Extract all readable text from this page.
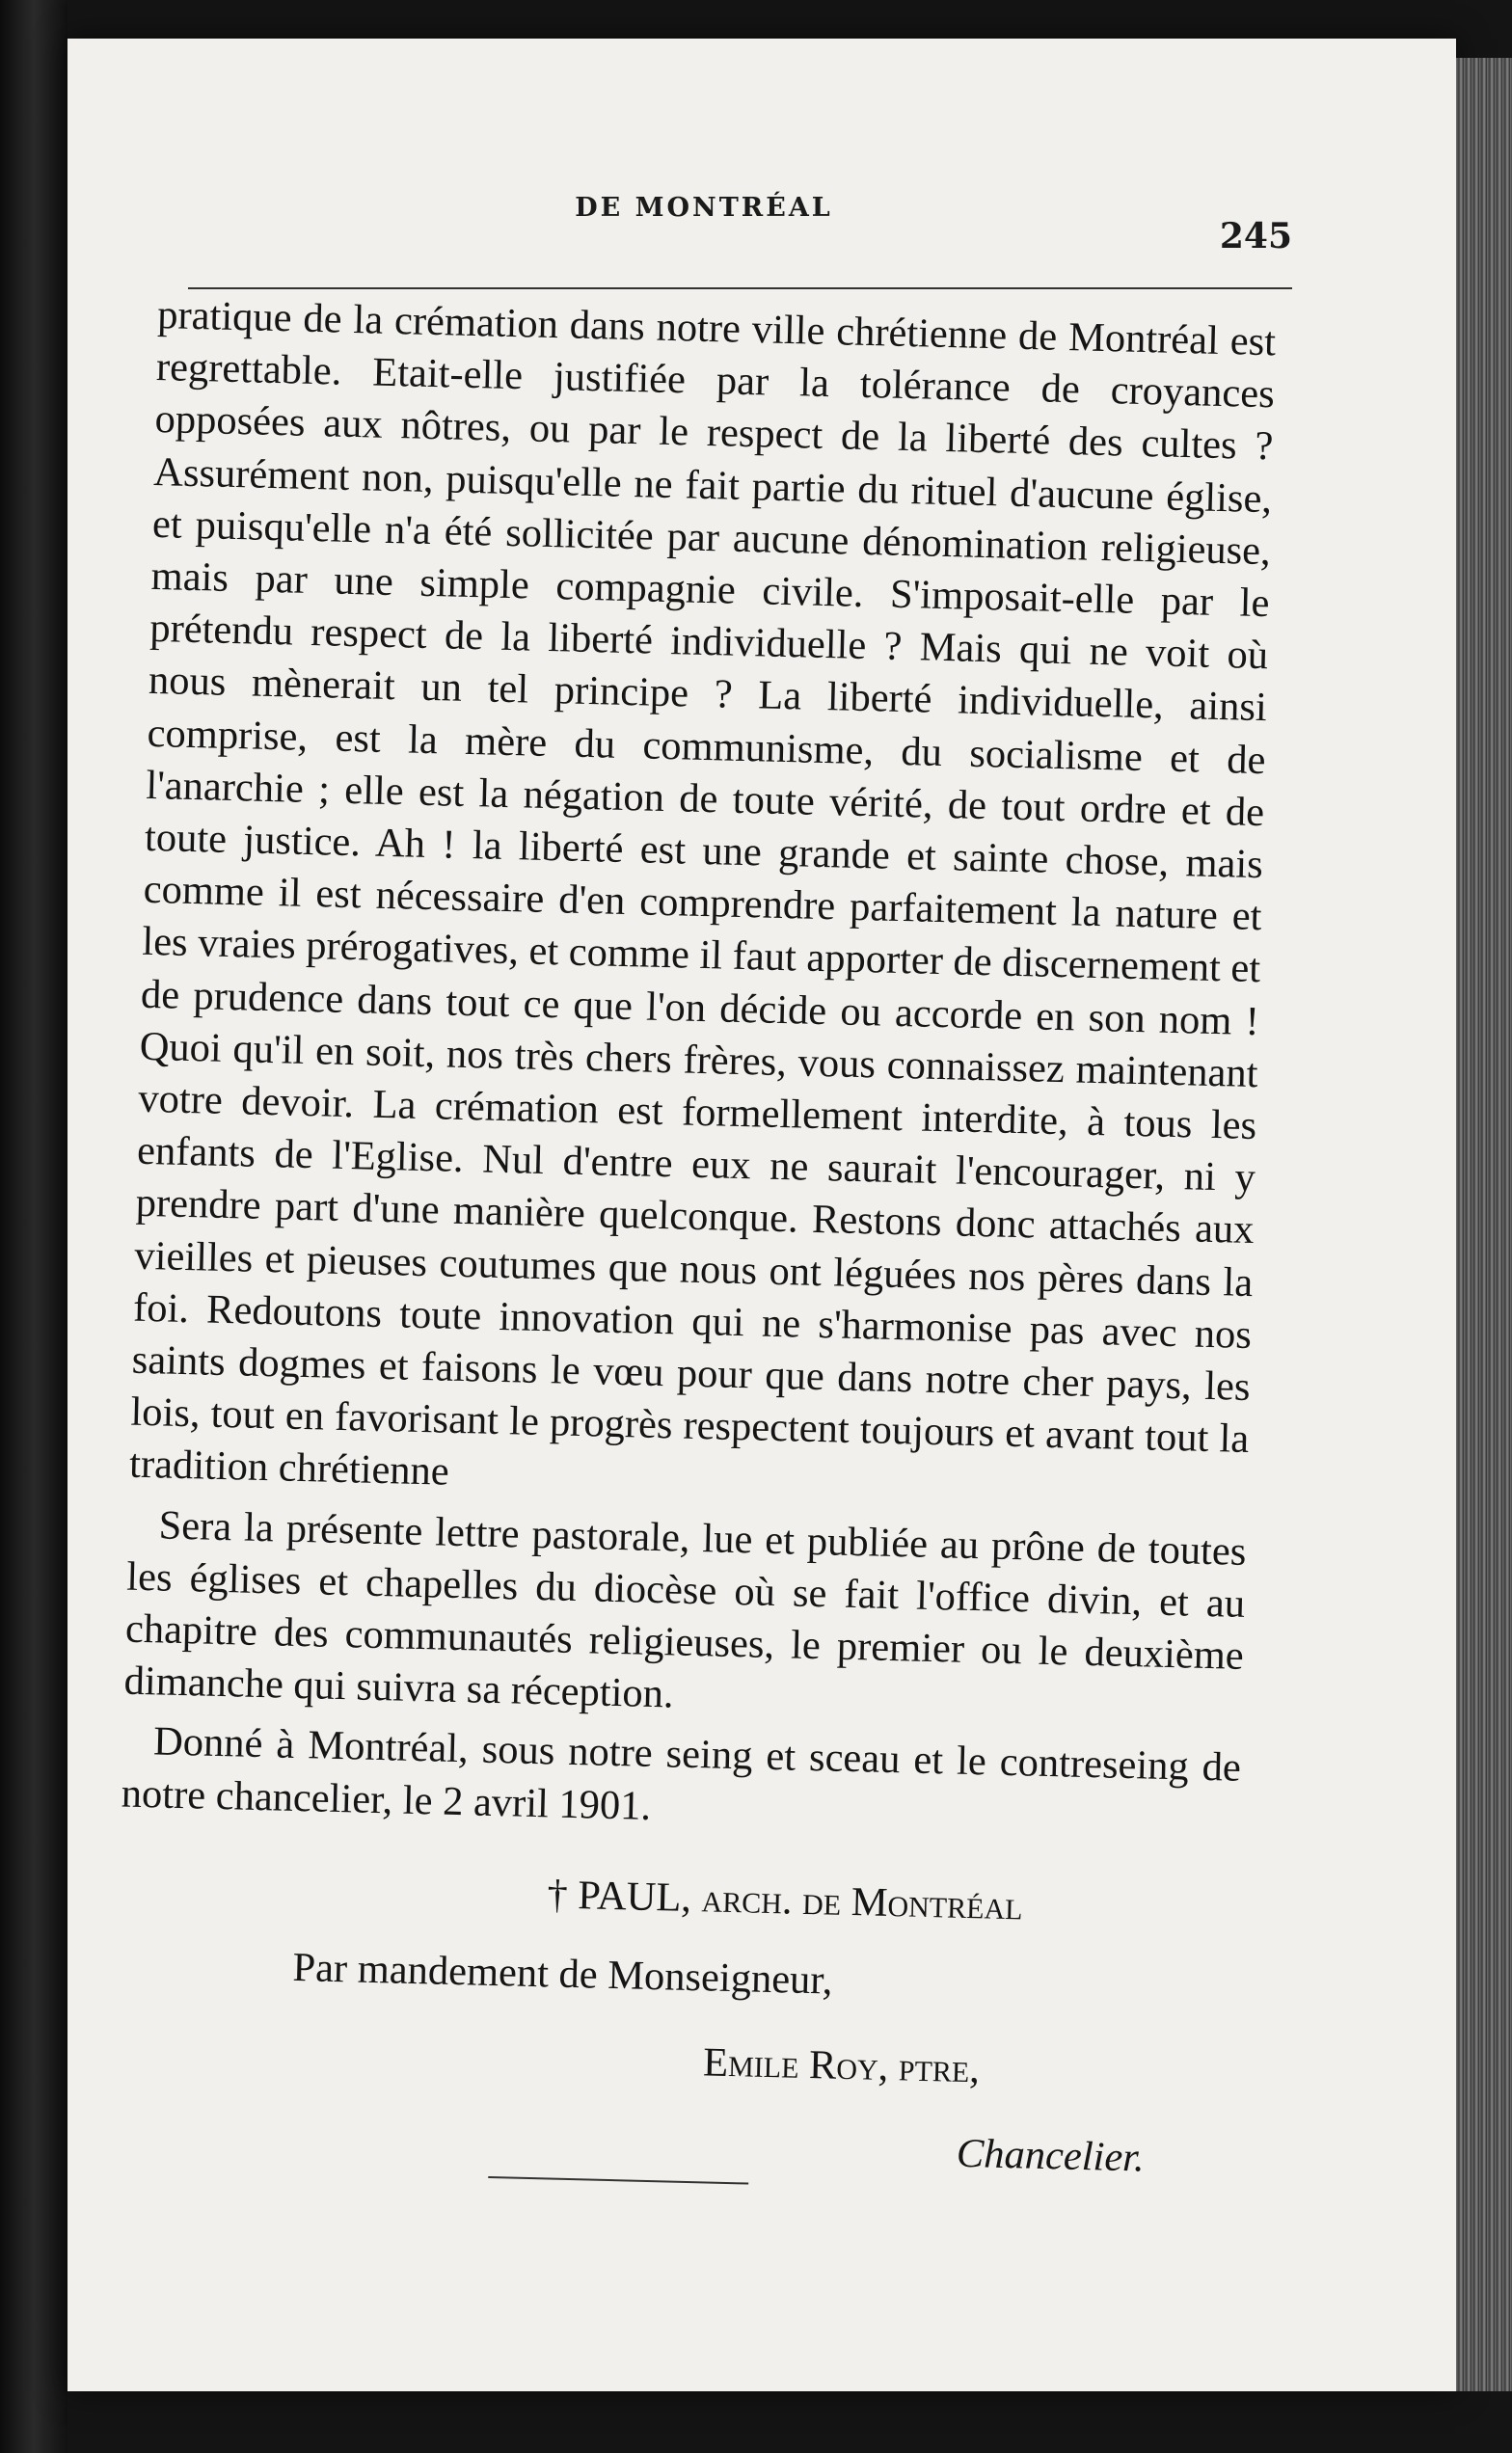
DE MONTRÉAL
245

pratique de la crémation dans notre ville chrétienne de Montréal est regrettable. Etait-elle justifiée par la tolérance de croyances opposées aux nôtres, ou par le respect de la liberté des cultes ? Assurément non, puisqu'elle ne fait partie du rituel d'aucune église, et puisqu'elle n'a été sollicitée par aucune dénomination religieuse, mais par une simple compagnie civile. S'imposait-elle par le prétendu respect de la liberté individuelle ? Mais qui ne voit où nous mènerait un tel principe ? La liberté individuelle, ainsi comprise, est la mère du communisme, du socialisme et de l'anarchie ; elle est la négation de toute vérité, de tout ordre et de toute justice. Ah ! la liberté est une grande et sainte chose, mais comme il est nécessaire d'en comprendre parfaitement la nature et les vraies prérogatives, et comme il faut apporter de discernement et de prudence dans tout ce que l'on décide ou accorde en son nom ! Quoi qu'il en soit, nos très chers frères, vous connaissez maintenant votre devoir. La crémation est formellement interdite, à tous les enfants de l'Eglise. Nul d'entre eux ne saurait l'encourager, ni y prendre part d'une manière quelconque. Restons donc attachés aux vieilles et pieuses coutumes que nous ont léguées nos pères dans la foi. Redoutons toute innovation qui ne s'harmonise pas avec nos saints dogmes et faisons le vœu pour que dans notre cher pays, les lois, tout en favorisant le progrès respectent toujours et avant tout la tradition chrétienne

Sera la présente lettre pastorale, lue et publiée au prône de toutes les églises et chapelles du diocèse où se fait l'office divin, et au chapitre des communautés religieuses, le premier ou le deuxième dimanche qui suivra sa réception.

Donné à Montréal, sous notre seing et sceau et le contreseing de notre chancelier, le 2 avril 1901.

† PAUL, arch. de Montréal
Par mandement de Monseigneur,
Emile Roy, ptre,
Chancelier.
